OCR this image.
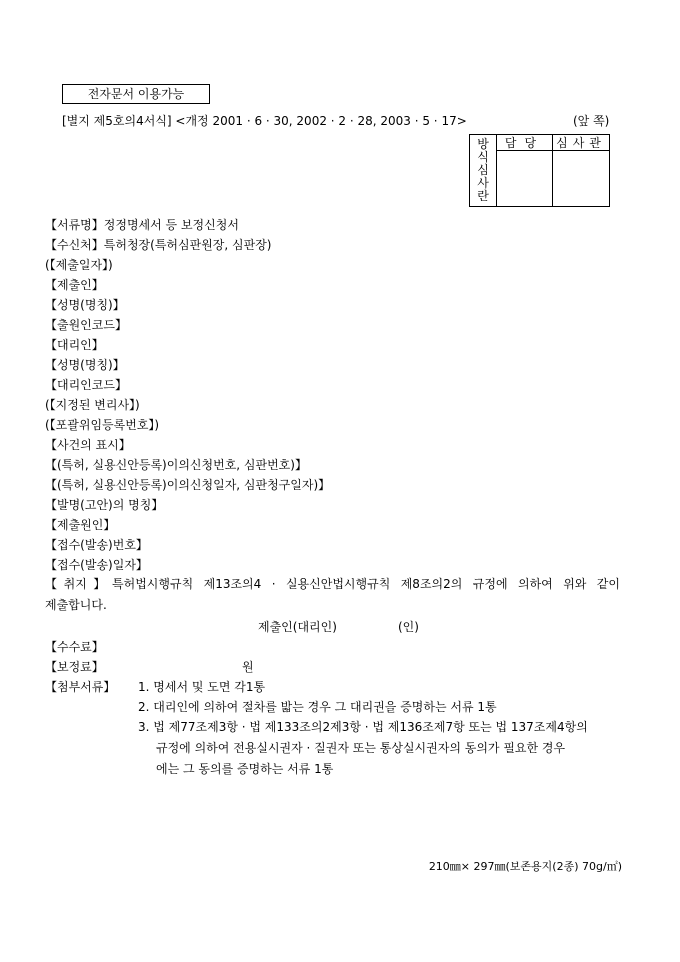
전자문서 이용가능
[별지 제5호의4서식] <개정 2001 · 6 · 30, 2002 · 2 · 28, 2003 · 5 · 17>	(앞 쪽)
방
식
심
사
란	담당	심사관

【서류명】정정명세서 등 보정신청서
【수신처】특허청장(특허심판원장, 심판장)
(【제출일자】)
【제출인】
【성명(명칭)】
【출원인코드】
【대리인】
【성명(명칭)】
【대리인코드】
(【지정된 변리사】)
(【포괄위임등록번호】)
【사건의 표시】
【(특허, 실용신안등록)이의신청번호, 심판번호)】
【(특허, 실용신안등록)이의신청일자, 심판청구일자)】
【발명(고안)의 명칭】
【제출원인】
【접수(발송)번호】
【접수(발송)일자】
【취지】특허법시행규칙 제13조의4 · 실용신안법시행규칙 제8조의2의 규정에 의하여 위와 같이
제출합니다.
제출인(대리인)	(인)
【수수료】
【보정료】	원
【첨부서류】 1. 명세서 및 도면 각1통
2. 대리인에 의하여 절차를 밟는 경우 그 대리권을 증명하는 서류 1통
3. 법 제77조제3항 · 법 제133조의2제3항 · 법 제136조제7항 또는 법 137조제4항의
규정에 의하여 전용실시권자 · 질권자 또는 통상실시권자의 동의가 필요한 경우
에는 그 동의를 증명하는 서류 1통
210㎜× 297㎜(보존용지(2종) 70g/㎡)
